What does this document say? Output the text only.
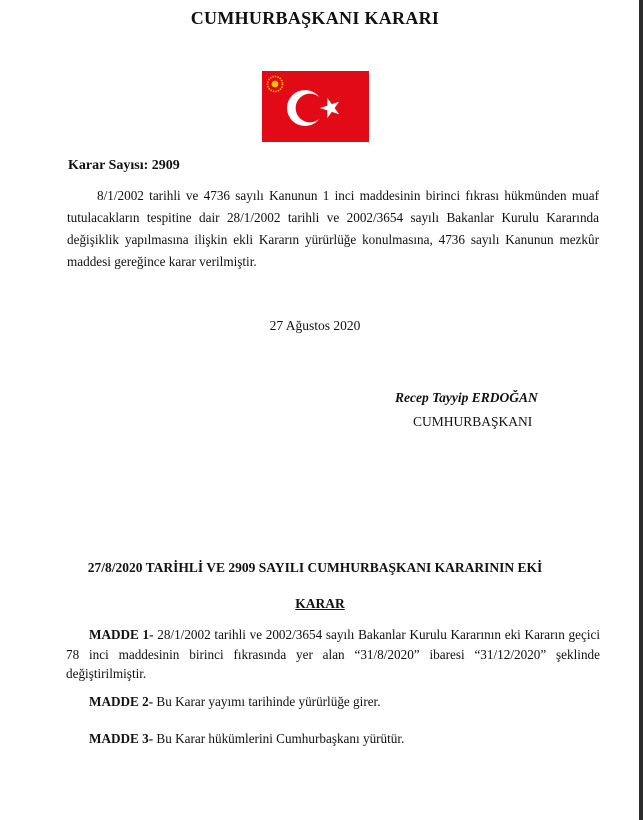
CUMHURBAŞKANI KARARI
Karar Sayısı: 2909
8/1/2002 tarihli ve 4736 sayılı Kanunun 1 inci maddesinin birinci fıkrası hükmünden muaf tutulacakların tespitine dair 28/1/2002 tarihli ve 2002/3654 sayılı Bakanlar Kurulu Kararında değişiklik yapılmasına ilişkin ekli Kararın yürürlüğe konulmasına, 4736 sayılı Kanunun mezkûr maddesi gereğince karar verilmiştir.
27 Ağustos 2020
Recep Tayyip ERDOĞAN
CUMHURBAŞKANI
27/8/2020 TARİHLİ VE 2909 SAYILI CUMHURBAŞKANI KARARININ EKİ
KARAR
MADDE 1- 28/1/2002 tarihli ve 2002/3654 sayılı Bakanlar Kurulu Kararının eki Kararın geçici 78 inci maddesinin birinci fıkrasında yer alan “31/8/2020” ibaresi “31/12/2020” şeklinde değiştirilmiştir.
MADDE 2- Bu Karar yayımı tarihinde yürürlüğe girer.
MADDE 3- Bu Karar hükümlerini Cumhurbaşkanı yürütür.
